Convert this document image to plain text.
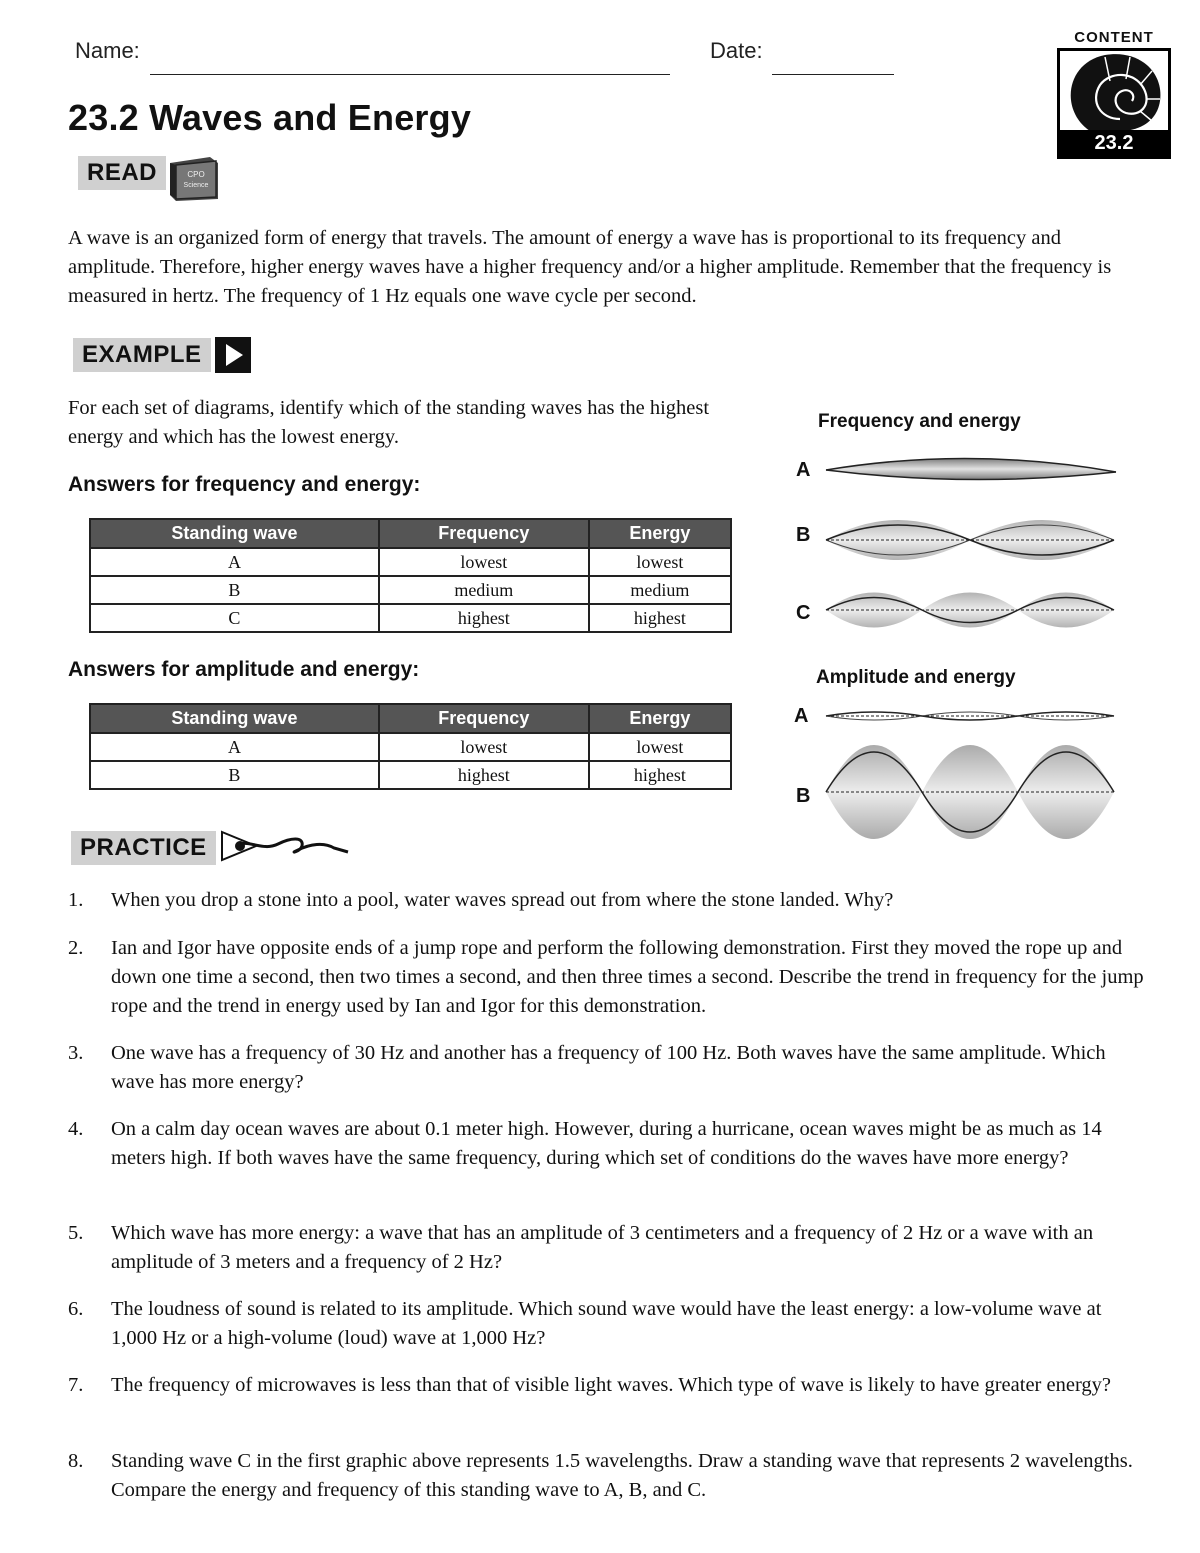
Name:	Date:
23.2 Waves and Energy
CONTENT
23.2
READ	CPO
Science
A wave is an organized form of energy that travels. The amount of energy a wave has is proportional to its frequency and amplitude. Therefore, higher energy waves have a higher frequency and/or a higher amplitude. Remember that the frequency is measured in hertz. The frequency of 1 Hz equals one wave cycle per second.
EXAMPLE
For each set of diagrams, identify which of the standing waves has the highest energy and which has the lowest energy.
Answers for frequency and energy:
Standing wave	Frequency	Energy
A	lowest	lowest
B	medium	medium
C	highest	highest
Answers for amplitude and energy:
Standing wave	Frequency	Energy
A	lowest	lowest
B	highest	highest
Frequency and energy
A
B
C
Amplitude and energy
A
B
PRACTICE
1. When you drop a stone into a pool, water waves spread out from where the stone landed. Why?
2. Ian and Igor have opposite ends of a jump rope and perform the following demonstration. First they moved the rope up and down one time a second, then two times a second, and then three times a second. Describe the trend in frequency for the jump rope and the trend in energy used by Ian and Igor for this demonstration.
3. One wave has a frequency of 30 Hz and another has a frequency of 100 Hz. Both waves have the same amplitude. Which wave has more energy?
4. On a calm day ocean waves are about 0.1 meter high. However, during a hurricane, ocean waves might be as much as 14 meters high. If both waves have the same frequency, during which set of conditions do the waves have more energy?
5. Which wave has more energy: a wave that has an amplitude of 3 centimeters and a frequency of 2 Hz or a wave with an amplitude of 3 meters and a frequency of 2 Hz?
6. The loudness of sound is related to its amplitude. Which sound wave would have the least energy: a low-volume wave at 1,000 Hz or a high-volume (loud) wave at 1,000 Hz?
7. The frequency of microwaves is less than that of visible light waves. Which type of wave is likely to have greater energy?
8. Standing wave C in the first graphic above represents 1.5 wavelengths. Draw a standing wave that represents 2 wavelengths. Compare the energy and frequency of this standing wave to A, B, and C.
